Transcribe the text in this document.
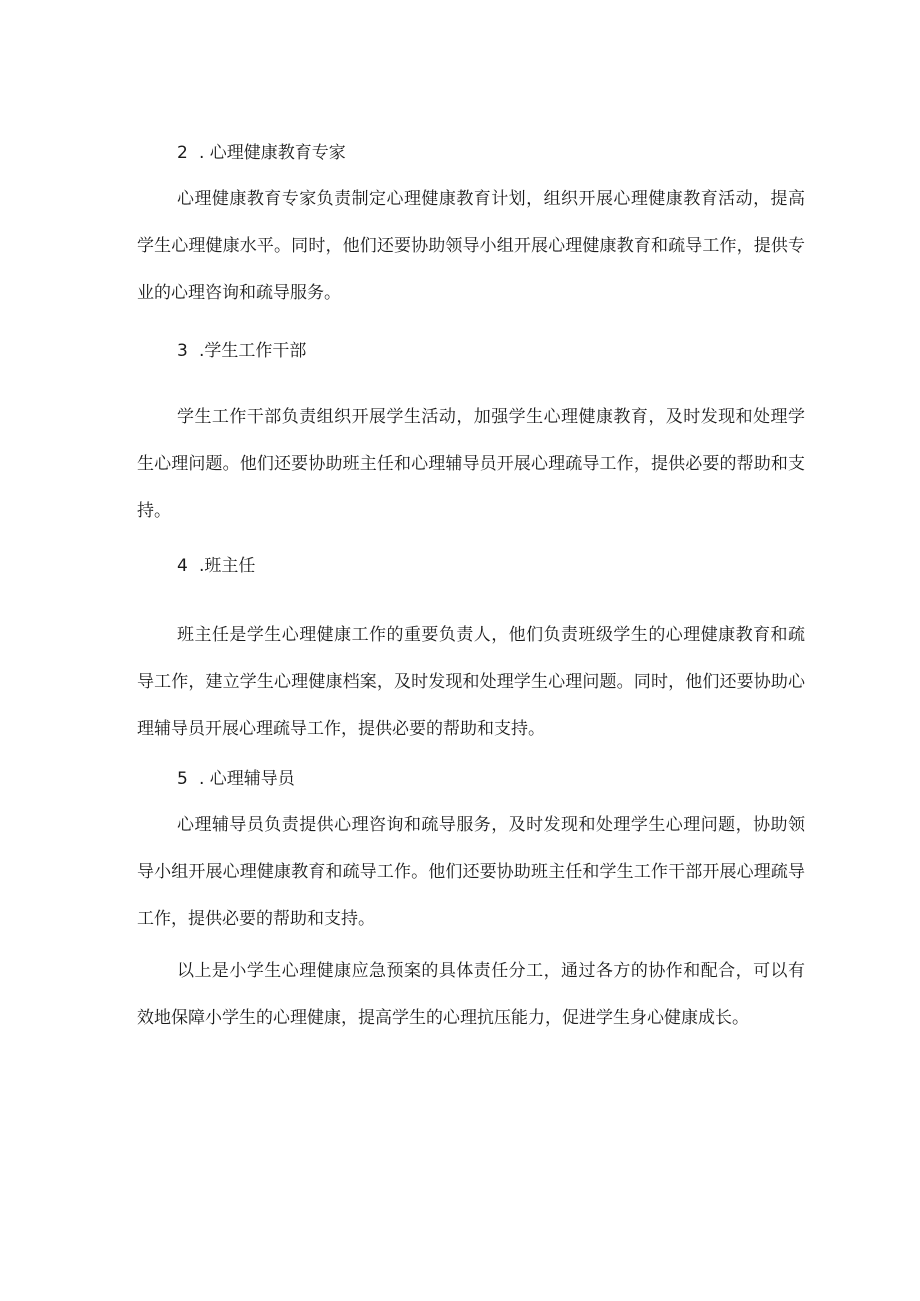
2 . 心理健康教育专家

心理健康教育专家负责制定心理健康教育计划，组织开展心理健康教育活动，提高学生心理健康水平。同时，他们还要协助领导小组开展心理健康教育和疏导工作，提供专业的心理咨询和疏导服务。

3 .学生工作干部

学生工作干部负责组织开展学生活动，加强学生心理健康教育，及时发现和处理学生心理问题。他们还要协助班主任和心理辅导员开展心理疏导工作，提供必要的帮助和支持。

4 .班主任

班主任是学生心理健康工作的重要负责人，他们负责班级学生的心理健康教育和疏导工作，建立学生心理健康档案，及时发现和处理学生心理问题。同时，他们还要协助心理辅导员开展心理疏导工作，提供必要的帮助和支持。

5 . 心理辅导员

心理辅导员负责提供心理咨询和疏导服务，及时发现和处理学生心理问题，协助领导小组开展心理健康教育和疏导工作。他们还要协助班主任和学生工作干部开展心理疏导工作，提供必要的帮助和支持。

以上是小学生心理健康应急预案的具体责任分工，通过各方的协作和配合，可以有效地保障小学生的心理健康，提高学生的心理抗压能力，促进学生身心健康成长。
